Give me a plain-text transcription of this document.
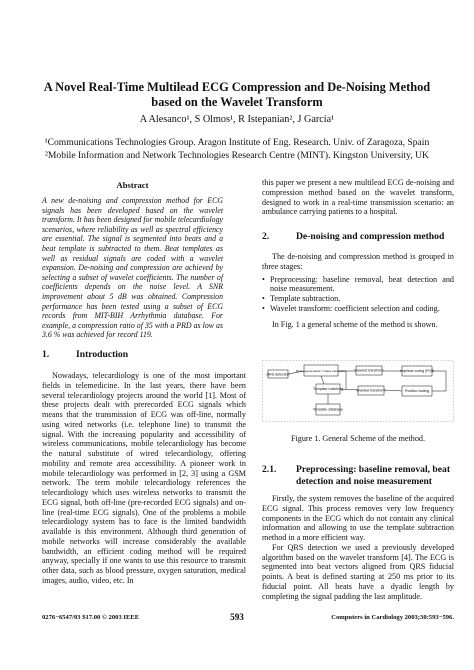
A Novel Real-Time Multilead ECG Compression and De-Noising Method
based on the Wavelet Transform
A Alesanco¹, S Olmos¹, R Istepanian², J García¹
¹Communications Technologies Group. Aragon Institute of Eng. Research. Univ. of Zaragoza, Spain
²Mobile Information and Network Technologies Research Centre (MINT). Kingston University, UK
Abstract
A new de-noising and compression method for ECG signals has been developed based on the wavelet transform. It has been designed for mobile telecardiology scenarios, where reliability as well as spectral efficiency are essential. The signal is segmented into beats and a beat template is subtracted to them. Beat templates as well as residual signals are coded with a wavelet expansion. De-noising and compression are achieved by selecting a subset of wavelet coefficients. The number of coefficients depends on the noise level. A SNR improvement about 5 dB was obtained. Compression performance has been tested using a subset of ECG records from MIT-BIH Arrhythmia database. For example, a compression ratio of 35 with a PRD as low as 3.6 % was achieved for record 119.
1.	Introduction

Nowadays, telecardiology is one of the most important fields in telemedicine. In the last years, there have been several telecardiology projects around the world [1]. Most of these projects dealt with prerecorded ECG signals which means that the transmission of ECG was off-line, normally using wired networks (i.e. telephone line) to transmit the signal. With the increasing popularity and accessibility of wireless communications, mobile telecardiology has become the natural substitute of wired telecardiology, offering mobility and remote area accessibility. A pioneer work in mobile telecardiology was performed in [2, 3] using a GSM network. The term mobile telecardiology references the telecardiology which uses wireless networks to transmit the ECG signal, both off-line (pre-recorded ECG signals) and on-line (real-time ECG signals). One of the problems a mobile telecardiology system has to face is the limited bandwidth available is this environment. Although third generation of mobile networks will increase considerably the available bandwidth, an efficient coding method will be required anyway, specially if one wants to use this resource to transmit other data, such as blood pressure, oxygen saturation, medical images, audio, video, etc. In

this paper we present a new multilead ECG de-noising and compression method based on the wavelet transform, designed to work in a real-time transmission scenario: an ambulance carrying patients to a hospital.

2.	De-noising and compression method

The de-noising and compression method is grouped in three stages:

• Preprocessing: baseline removal, beat detection and noise measurement.
• Template subtraction.
• Wavelet transform: coefficient selection and coding.

In Fig. 1 a general scheme of the method is shown.

QRS detection
Beat segmentation / Noise estimation Wavelet transform	Amplitude coding (PCM)
Template matching
Template database
Wavelet transform	Position coding
Figure 1. General Scheme of the method.
2.1.	Preprocessing: baseline removal, beat detection and noise measurement

Firstly, the system removes the baseline of the acquired ECG signal. This process removes very low frequency components in the ECG which do not contain any clinical information and allowing to use the template subtraction method in a more efficient way.

For QRS detection we used a previously developed algorithm based on the wavelet transform [4]. The ECG is segmented into beat vectors aligned from QRS fiducial points. A beat is defined starting at 250 ms prior to its fiducial point. All beats have a dyadic length by completing the signal padding the last amplitude.

0276−6547/03 $17.00 © 2003 IEEE	593	Computers in Cardiology 2003;30:593−596.
